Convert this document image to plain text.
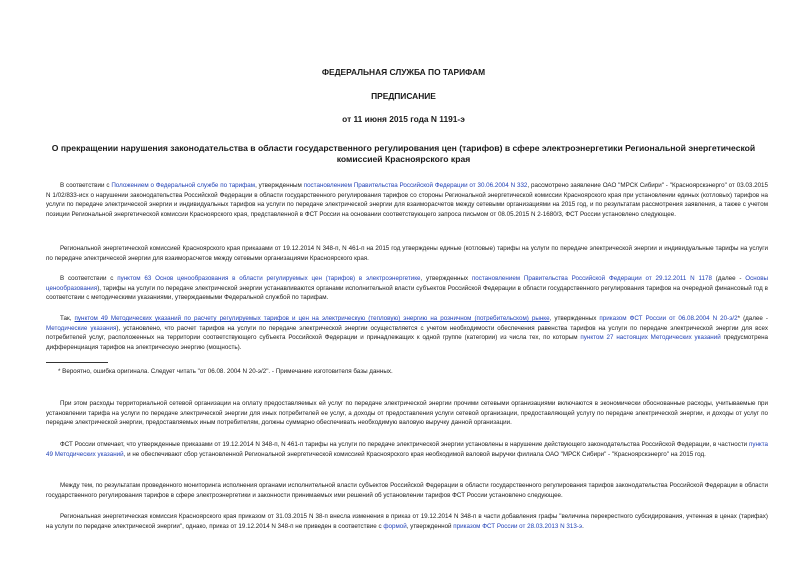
ФЕДЕРАЛЬНАЯ СЛУЖБА ПО ТАРИФАМ
ПРЕДПИСАНИЕ
от 11 июня 2015 года N 1191-э
О прекращении нарушения законодательства в области государственного регулирования цен (тарифов) в сфере электроэнергетики Региональной энергетической
комиссией Красноярского края
В соответствии с Положением о Федеральной службе по тарифам, утвержденным постановлением Правительства Российской Федерации от 30.06.2004 N 332, рассмотрено заявление ОАО "МРСК Сибири" - "Красноярскэнерго" от 03.03.2015 N 1/02/833-исх о нарушении законодательства Российской Федерации в области государственного регулирования тарифов со стороны Региональной энергетической комиссии Красноярского края при установлении единых (котловых) тарифов на услуги по передаче электрической энергии и индивидуальных тарифов на услуги по передаче электрической энергии для взаиморасчетов между сетевыми организациями на 2015 год, и по результатам рассмотрения заявления, а также с учетом позиции Региональной энергетической комиссии Красноярского края, представленной в ФСТ России на основании соответствующего запроса письмом от 08.05.2015 N 2-1680/3, ФСТ России установлено следующее.
Региональной энергетической комиссией Красноярского края приказами от 19.12.2014 N 348-п, N 461-п на 2015 год утверждены единые (котловые) тарифы на услуги по передаче электрической энергии и индивидуальные тарифы на услуги по передаче электрической энергии для взаиморасчетов между сетевыми организациями Красноярского края.
В соответствии с пунктом 63 Основ ценообразования в области регулируемых цен (тарифов) в электроэнергетике, утвержденных постановлением Правительства Российской Федерации от 29.12.2011 N 1178 (далее - Основы ценообразования), тарифы на услуги по передаче электрической энергии устанавливаются органами исполнительной власти субъектов Российской Федерации в области государственного регулирования тарифов на очередной финансовый год в соответствии с методическими указаниями, утверждаемыми Федеральной службой по тарифам.
Так, пунктом 49 Методических указаний по расчету регулируемых тарифов и цен на электрическую (тепловую) энергию на розничном (потребительском) рынке, утвержденных приказом ФСТ России от 06.08.2004 N 20-э/2* (далее - Методические указания), установлено, что расчет тарифов на услуги по передаче электрической энергии осуществляется с учетом необходимости обеспечения равенства тарифов на услуги по передаче электрической энергии для всех потребителей услуг, расположенных на территории соответствующего субъекта Российской Федерации и принадлежащих к одной группе (категории) из числа тех, по которым пунктом 27 настоящих Методических указаний предусмотрена дифференциация тарифов на электрическую энергию (мощность).
* Вероятно, ошибка оригинала. Следует читать "от 06.08. 2004 N 20-э/2". - Примечание изготовителя базы данных.
При этом расходы территориальной сетевой организации на оплату предоставляемых ей услуг по передаче электрической энергии прочими сетевыми организациями включаются в экономически обоснованные расходы, учитываемые при установлении тарифа на услуги по передаче электрической энергии для иных потребителей ее услуг, а доходы от предоставления услуги сетевой организации, предоставляющей услугу по передаче электрической энергии, и доходы от услуг по передаче электрической энергии, предоставляемых иным потребителям, должны суммарно обеспечивать необходимую валовую выручку данной организации.
ФСТ России отмечает, что утвержденные приказами от 19.12.2014 N 348-п, N 461-п тарифы на услуги по передаче электрической энергии установлены в нарушение действующего законодательства Российской Федерации, в частности пункта 49 Методических указаний, и не обеспечивают сбор установленной Региональной энергетической комиссией Красноярского края необходимой валовой выручки филиала ОАО "МРСК Сибири" - "Красноярскэнерго" на 2015 год.
Между тем, по результатам проведенного мониторинга исполнения органами исполнительной власти субъектов Российской Федерации в области государственного регулирования тарифов законодательства Российской Федерации в области государственного регулирования тарифов в сфере электроэнергетики и законности принимаемых ими решений об установлении тарифов ФСТ России установлено следующее.
Региональная энергетическая комиссия Красноярского края приказом от 31.03.2015 N 38-п внесла изменения в приказ от 19.12.2014 N 348-п в части добавления графы "величина перекрестного субсидирования, учтенная в ценах (тарифах) на услуги по передаче электрической энергии", однако, приказ от 19.12.2014 N 348-п не приведен в соответствие с формой, утвержденной приказом ФСТ России от 28.03.2013 N 313-э.
